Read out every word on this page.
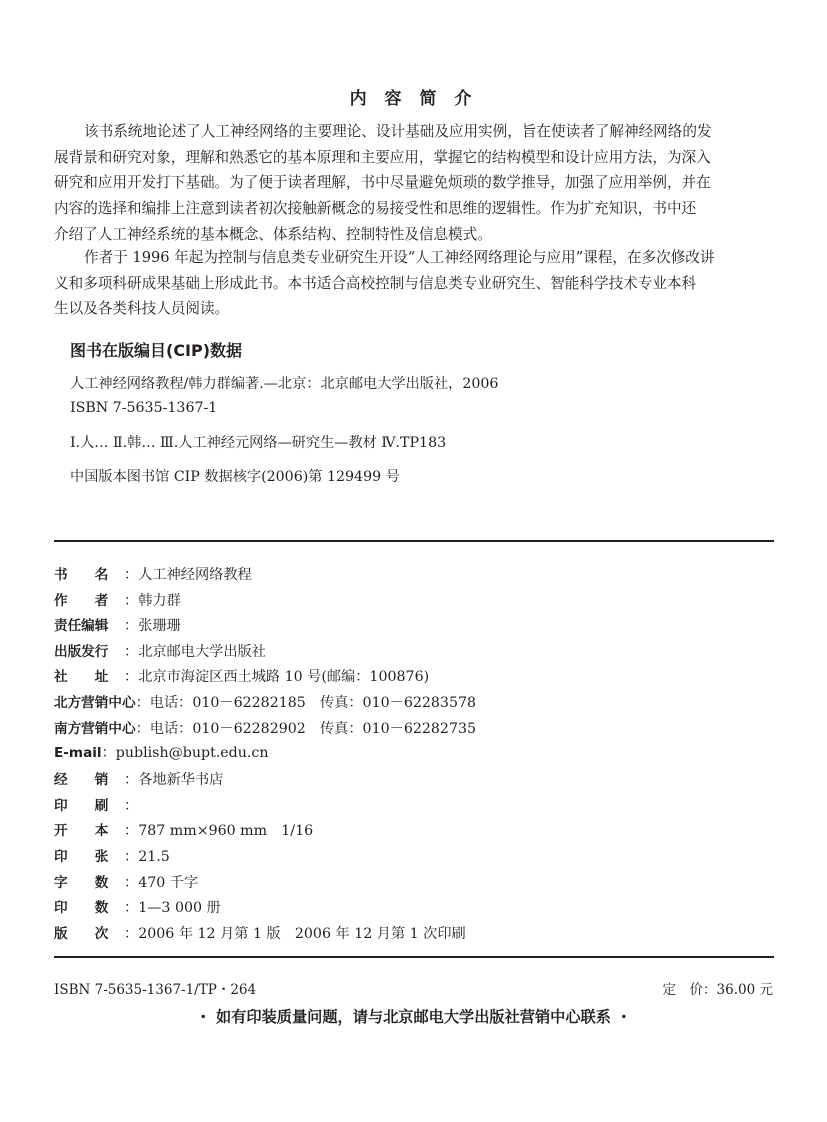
内 容 简 介
该书系统地论述了人工神经网络的主要理论、设计基础及应用实例，旨在使读者了解神经网络的发
展背景和研究对象，理解和熟悉它的基本原理和主要应用，掌握它的结构模型和设计应用方法，为深入
研究和应用开发打下基础。为了便于读者理解，书中尽量避免烦琐的数学推导，加强了应用举例，并在
内容的选择和编排上注意到读者初次接触新概念的易接受性和思维的逻辑性。作为扩充知识，书中还
介绍了人工神经系统的基本概念、体系结构、控制特性及信息模式。
作者于 1996 年起为控制与信息类专业研究生开设“人工神经网络理论与应用”课程，在多次修改讲
义和多项科研成果基础上形成此书。本书适合高校控制与信息类专业研究生、智能科学技术专业本科
生以及各类科技人员阅读。
图书在版编目(CIP)数据
人工神经网络教程/韩力群编著.—北京：北京邮电大学出版社，2006
ISBN 7-5635-1367-1
Ⅰ.人… Ⅱ.韩… Ⅲ.人工神经元网络—研究生—教材 Ⅳ.TP183
中国版本图书馆 CIP 数据核字(2006)第 129499 号
书　　名 ：人工神经网络教程
作　　者 ：韩力群
责任编辑 ：张珊珊
出版发行 ：北京邮电大学出版社
社　　址 ：北京市海淀区西土城路 10 号(邮编：100876)
北方营销中心：电话：010－62282185　传真：010－62283578
南方营销中心：电话：010－62282902　传真：010－62282735
E-mail：publish@bupt.edu.cn
经　　销 ：各地新华书店
印　　刷 ：
开　　本 ：787 mm×960 mm　1/16
印　　张 ：21.5
字　　数 ：470 千字
印　　数 ：1—3 000 册
版　　次 ：2006 年 12 月第 1 版　2006 年 12 月第 1 次印刷
ISBN 7-5635-1367-1/TP・264	定　价：36.00 元
・ 如有印装质量问题，请与北京邮电大学出版社营销中心联系 ・
